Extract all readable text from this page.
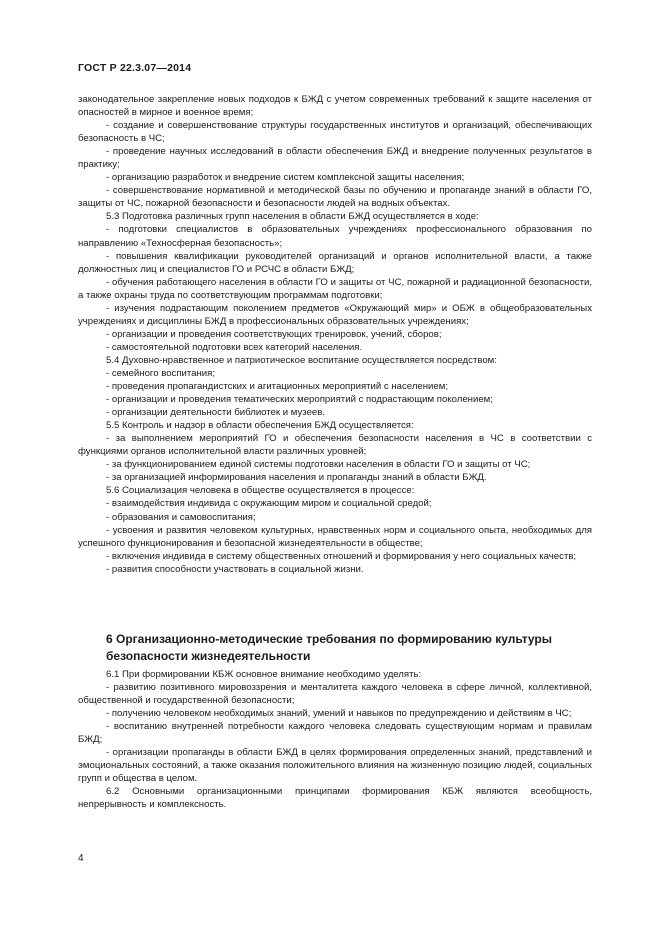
ГОСТ Р 22.3.07—2014

законодательное закрепление новых подходов к БЖД с учетом современных требований к защите населения от опасностей в мирное и военное время;

- создание и совершенствование структуры государственных институтов и организаций, обеспечивающих безопасность в ЧС;

- проведение научных исследований в области обеспечения БЖД и внедрение полученных результатов в практику;

- организацию разработок и внедрение систем комплексной защиты населения;

- совершенствование нормативной и методической базы по обучению и пропаганде знаний в области ГО, защиты от ЧС, пожарной безопасности и безопасности людей на водных объектах.

5.3 Подготовка различных групп населения в области БЖД осуществляется в ходе:

- подготовки специалистов в образовательных учреждениях профессионального образования по направлению «Техносферная безопасность»;

- повышения квалификации руководителей организаций и органов исполнительной власти, а также должностных лиц и специалистов ГО и РСЧС в области БЖД;

- обучения работающего населения в области ГО и защиты от ЧС, пожарной и радиационной безопасности, а также охраны труда по соответствующим программам подготовки;

- изучения подрастающим поколением предметов «Окружающий мир» и ОБЖ в общеобразовательных учреждениях и дисциплины БЖД в профессиональных образовательных учреждениях;

- организации и проведения соответствующих тренировок, учений, сборов;

- самостоятельной подготовки всех категорий населения.

5.4 Духовно-нравственное и патриотическое воспитание осуществляется посредством:

- семейного воспитания;

- проведения пропагандистских и агитационных мероприятий с населением;

- организации и проведения тематических мероприятий с подрастающим поколением;

- организации деятельности библиотек и музеев.

5.5 Контроль и надзор в области обеспечения БЖД осуществляется:

- за выполнением мероприятий ГО и обеспечения безопасности населения в ЧС в соответствии с функциями органов исполнительной власти различных уровней;

- за функционированием единой системы подготовки населения в области ГО и защиты от ЧС;

- за организацией информирования населения и пропаганды знаний в области БЖД.

5.6 Социализация человека в обществе осуществляется в процессе:

- взаимодействия индивида с окружающим миром и социальной средой;

- образования и самовоспитания;

- усвоения и развития человеком культурных, нравственных норм и социального опыта, необходимых для успешного функционирования и безопасной жизнедеятельности в обществе;

- включения индивида в систему общественных отношений и формирования у него социальных качеств;

- развития способности участвовать в социальной жизни.

6 Организационно-методические требования по формированию культуры
безопасности жизнедеятельности

6.1 При формировании КБЖ основное внимание необходимо уделять:

- развитию позитивного мировоззрения и менталитета каждого человека в сфере личной, коллективной, общественной и государственной безопасности;

- получению человеком необходимых знаний, умений и навыков по предупреждению и действиям в ЧС;

- воспитанию внутренней потребности каждого человека следовать существующим нормам и правилам БЖД;

- организации пропаганды в области БЖД в целях формирования определенных знаний, представлений и эмоциональных состояний, а также оказания положительного влияния на жизненную позицию людей, социальных групп и общества в целом.

6.2 Основными организационными принципами формирования КБЖ являются всеобщность, непрерывность и комплексность.

4
